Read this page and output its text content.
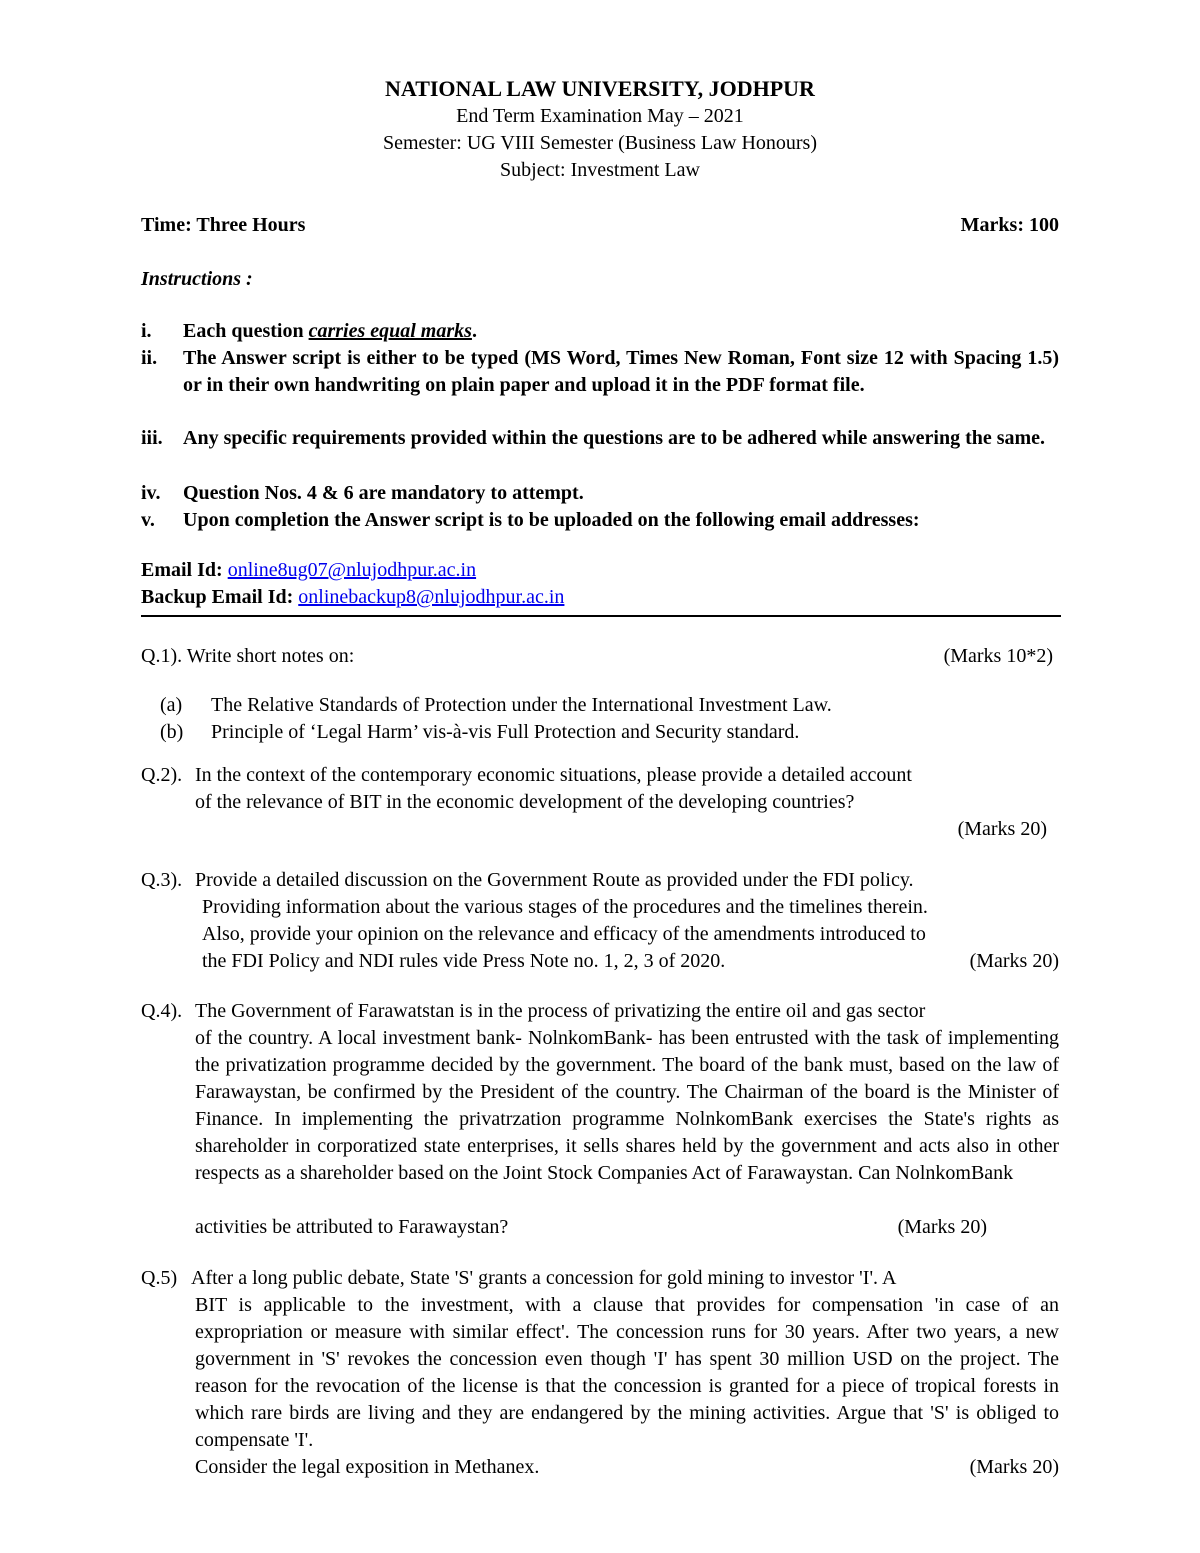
NATIONAL LAW UNIVERSITY, JODHPUR
End Term Examination May – 2021
Semester: UG VIII Semester (Business Law Honours)
Subject: Investment Law
Time: Three Hours	Marks: 100
Instructions :
i. Each question carries equal marks.
ii. The Answer script is either to be typed (MS Word, Times New Roman, Font size 12 with Spacing 1.5) or in their own handwriting on plain paper and upload it in the PDF format file.
iii. Any specific requirements provided within the questions are to be adhered while answering the same.
iv. Question Nos. 4 & 6 are mandatory to attempt.
v. Upon completion the Answer script is to be uploaded on the following email addresses:
Email Id: online8ug07@nlujodhpur.ac.in
Backup Email Id: onlinebackup8@nlujodhpur.ac.in
Q.1). Write short notes on:	(Marks 10*2)
(a) The Relative Standards of Protection under the International Investment Law.
(b) Principle of ‘Legal Harm’ vis-à-vis Full Protection and Security standard.
Q.2). In the context of the contemporary economic situations, please provide a detailed account
of the relevance of BIT in the economic development of the developing countries?
(Marks 20)
Q.3). Provide a detailed discussion on the Government Route as provided under the FDI policy.
Providing information about the various stages of the procedures and the timelines therein.
Also, provide your opinion on the relevance and efficacy of the amendments introduced to
the FDI Policy and NDI rules vide Press Note no. 1, 2, 3 of 2020.	(Marks 20)
Q.4). The Government of Farawatstan is in the process of privatizing the entire oil and gas sector
of the country. A local investment bank- NolnkomBank- has been entrusted with the task of implementing the privatization programme decided by the government. The board of the bank must, based on the law of Farawaystan, be confirmed by the President of the country. The Chairman of the board is the Minister of Finance. In implementing the privatrzation programme NolnkomBank exercises the State's rights as shareholder in corporatized state enterprises, it sells shares held by the government and acts also in other respects as a shareholder based on the Joint Stock Companies Act of Farawaystan. Can NolnkomBank
activities be attributed to Farawaystan?	(Marks 20)
Q.5) After a long public debate, State 'S' grants a concession for gold mining to investor 'I'. A
BIT is applicable to the investment, with a clause that provides for compensation 'in case of an expropriation or measure with similar effect'. The concession runs for 30 years. After two years, a new government in 'S' revokes the concession even though 'I' has spent 30 million USD on the project. The reason for the revocation of the license is that the concession is granted for a piece of tropical forests in which rare birds are living and they are endangered by the mining activities. Argue that 'S' is obliged to compensate 'I'.
Consider the legal exposition in Methanex.	(Marks 20)
